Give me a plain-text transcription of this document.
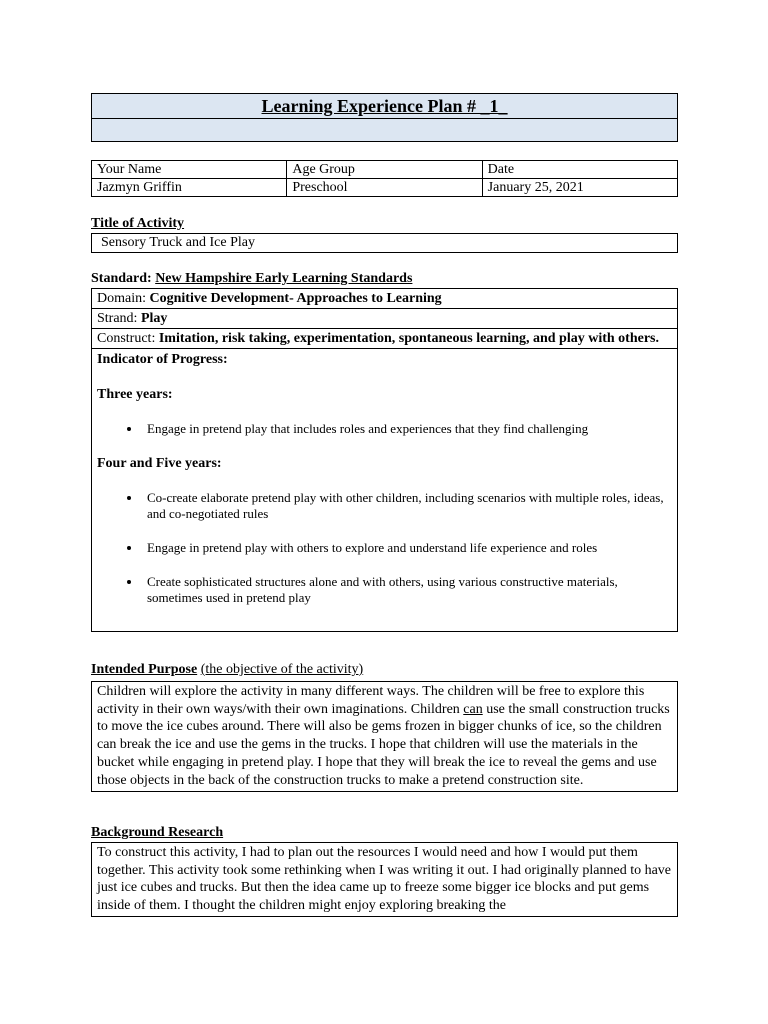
Learning Experience Plan # _1_

Your Name	Age Group	Date
Jazmyn Griffin	Preschool	January 25, 2021
Title of Activity
Sensory Truck and Ice Play
Standard: New Hampshire Early Learning Standards
Domain: Cognitive Development- Approaches to Learning
Strand: Play
Construct: Imitation, risk taking, experimentation, spontaneous learning, and play with others.

Indicator of Progress:
Three years:
• Engage in pretend play that includes roles and experiences that they find challenging
Four and Five years:
• Co-create elaborate pretend play with other children, including scenarios with multiple roles, ideas, and co-negotiated rules
• Engage in pretend play with others to explore and understand life experience and roles
• Create sophisticated structures alone and with others, using various constructive materials, sometimes used in pretend play
Intended Purpose (the objective of the activity)
Children will explore the activity in many different ways. The children will be free to explore this activity in their own ways/with their own imaginations. Children can use the small construction trucks to move the ice cubes around. There will also be gems frozen in bigger chunks of ice, so the children can break the ice and use the gems in the trucks. I hope that children will use the materials in the bucket while engaging in pretend play. I hope that they will break the ice to reveal the gems and use those objects in the back of the construction trucks to make a pretend construction site.
Background Research
To construct this activity, I had to plan out the resources I would need and how I would put them together. This activity took some rethinking when I was writing it out. I had originally planned to have just ice cubes and trucks. But then the idea came up to freeze some bigger ice blocks and put gems inside of them. I thought the children might enjoy exploring breaking the
